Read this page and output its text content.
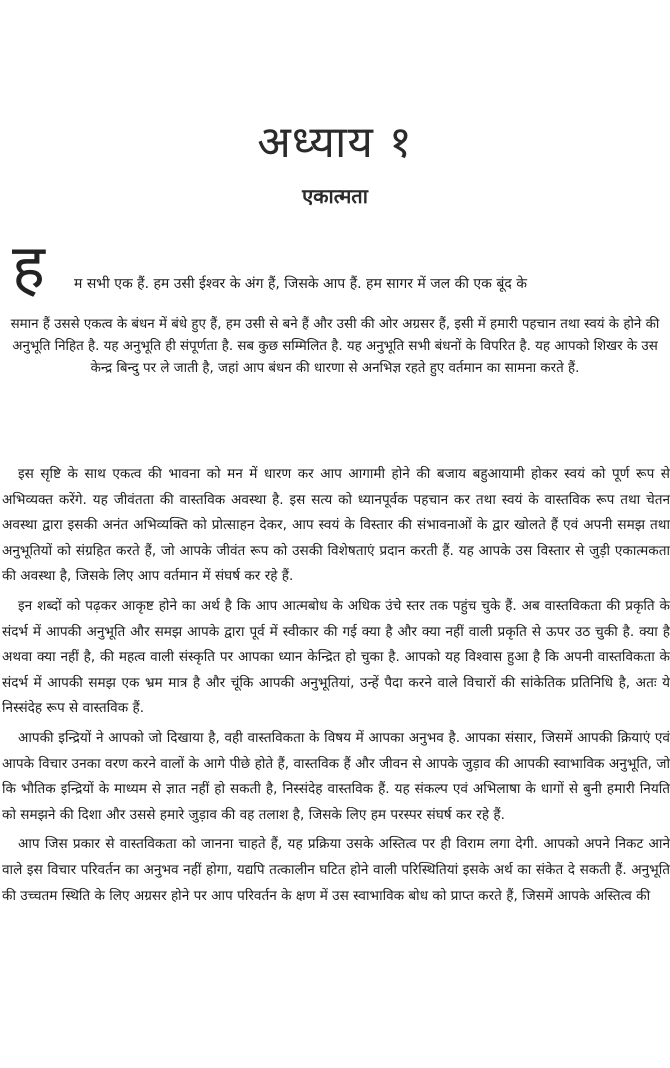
अध्याय १
एकात्मता
ह म सभी एक हैं. हम उसी ईश्वर के अंग हैं, जिसके आप हैं. हम सागर में जल की एक बूंद के
समान हैं उससे एकत्व के बंधन में बंधे हुए हैं, हम उसी से बने हैं और उसी की ओर अग्रसर हैं, इसी में हमारी पहचान तथा स्वयं के होने की अनुभूति निहित है. यह अनुभूति ही संपूर्णता है. सब कुछ सम्मिलित है. यह अनुभूति सभी बंधनों के विपरित है. यह आपको शिखर के उस केन्द्र बिन्दु पर ले जाती है, जहां आप बंधन की धारणा से अनभिज्ञ रहते हुए वर्तमान का सामना करते हैं.

इस सृष्टि के साथ एकत्व की भावना को मन में धारण कर आप आगामी होने की बजाय बहुआयामी होकर स्वयं को पूर्ण रूप से अभिव्यक्त करेंगे. यह जीवंतता की वास्तविक अवस्था है. इस सत्य को ध्यानपूर्वक पहचान कर तथा स्वयं के वास्तविक रूप तथा चेतन अवस्था द्वारा इसकी अनंत अभिव्यक्ति को प्रोत्साहन देकर, आप स्वयं के विस्तार की संभावनाओं के द्वार खोलते हैं एवं अपनी समझ तथा अनुभूतियों को संग्रहित करते हैं, जो आपके जीवंत रूप को उसकी विशेषताएं प्रदान करती हैं. यह आपके उस विस्तार से जुड़ी एकात्मकता की अवस्था है, जिसके लिए आप वर्तमान में संघर्ष कर रहे हैं.

इन शब्दों को पढ़कर आकृष्ट होने का अर्थ है कि आप आत्मबोध के अधिक उंचे स्तर तक पहुंच चुके हैं. अब वास्तविकता की प्रकृति के संदर्भ में आपकी अनुभूति और समझ आपके द्वारा पूर्व में स्वीकार की गई क्या है और क्या नहीं वाली प्रकृति से ऊपर उठ चुकी है. क्या है अथवा क्या नहीं है, की महत्व वाली संस्कृति पर आपका ध्यान केन्द्रित हो चुका है. आपको यह विश्वास हुआ है कि अपनी वास्तविकता के संदर्भ में आपकी समझ एक भ्रम मात्र है और चूंकि आपकी अनुभूतियां, उन्हें पैदा करने वाले विचारों की सांकेतिक प्रतिनिधि है, अतः ये निस्संदेह रूप से वास्तविक हैं.

आपकी इन्द्रियों ने आपको जो दिखाया है, वही वास्तविकता के विषय में आपका अनुभव है. आपका संसार, जिसमें आपकी क्रियाएं एवं आपके विचार उनका वरण करने वालों के आगे पीछे होते हैं, वास्तविक हैं और जीवन से आपके जुड़ाव की आपकी स्वाभाविक अनुभूति, जो कि भौतिक इन्द्रियों के माध्यम से ज्ञात नहीं हो सकती है, निस्संदेह वास्तविक हैं. यह संकल्प एवं अभिलाषा के धागों से बुनी हमारी नियति को समझने की दिशा और उससे हमारे जुड़ाव की वह तलाश है, जिसके लिए हम परस्पर संघर्ष कर रहे हैं.

आप जिस प्रकार से वास्तविकता को जानना चाहते हैं, यह प्रक्रिया उसके अस्तित्व पर ही विराम लगा देगी. आपको अपने निकट आने वाले इस विचार परिवर्तन का अनुभव नहीं होगा, यद्यपि तत्कालीन घटित होने वाली परिस्थितियां इसके अर्थ का संकेत दे सकती हैं. अनुभूति की उच्चतम स्थिति के लिए अग्रसर होने पर आप परिवर्तन के क्षण में उस स्वाभाविक बोध को प्राप्त करते हैं, जिसमें आपके अस्तित्व की
